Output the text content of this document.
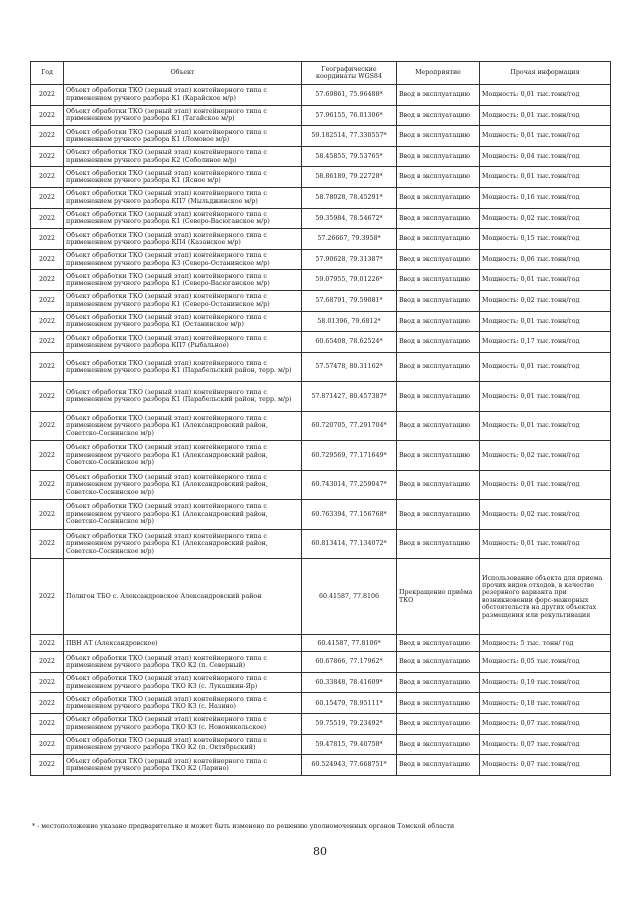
Год	Объект	Географические координаты WGS84	Мероприятие	Прочая информация
2022	Объект обработки ТКО (зерный этап) контейнерного типа с применением ручного разбора К1 (Карайское м/р)	57.69861, 75.96488*	Ввод в эксплуатацию	Мощность: 0,01 тыс.тонн/год
2022	Объект обработки ТКО (зерный этап) контейнерного типа с применением ручного разбора К1 (Тагайское м/р)	57.96155, 76.01306*	Ввод в эксплуатацию	Мощность: 0,01 тыс.тонн/год
2022	Объект обработки ТКО (зерный этап) контейнерного типа с применением ручного разбора К1 (Ломовое м/р)	59.182514, 77.330557*	Ввод в эксплуатацию	Мощность: 0,01 тыс.тонн/год
2022	Объект обработки ТКО (зерный этап) контейнерного типа с применением ручного разбора К2 (Соболиное м/р)	58.45855, 79.53765*	Ввод в эксплуатацию	Мощность: 0,04 тыс.тонн/год
2022	Объект обработки ТКО (зерный этап) контейнерного типа с применением ручного разбора К1 (Ясное м/р)	58.86189, 79.22728*	Ввод в эксплуатацию	Мощность: 0,01 тыс.тонн/год
2022	Объект обработки ТКО (зерный этап) контейнерного типа с применением ручного разбора КП7 (Мыльджинское м/р)	58.78028, 78.45291*	Ввод в эксплуатацию	Мощность: 0,16 тыс.тонн/год
2022	Объект обработки ТКО (зерный этап) контейнерного типа с применением ручного разбора К1 (Северо-Васюганское м/р)	59.35984, 78.54672*	Ввод в эксплуатацию	Мощность: 0,02 тыс.тонн/год
2022	Объект обработки ТКО (зерный этап) контейнерного типа с применением ручного разбора КП4 (Казанское м/р)	57.26667, 79.3958*	Ввод в эксплуатацию	Мощность: 0,15 тыс.тонн/год
2022	Объект обработки ТКО (зерный этап) контейнерного типа с применением ручного разбора К3 (Северо-Останинское м/р)	57.90628, 79.31387*	Ввод в эксплуатацию	Мощность: 0,06 тыс.тонн/год
2022	Объект обработки ТКО (зерный этап) контейнерного типа с применением ручного разбора К1 (Северо-Васюганское м/р)	59.07955, 79.01226*	Ввод в эксплуатацию	Мощность: 0,01 тыс.тонн/год
2022	Объект обработки ТКО (зерный этап) контейнерного типа с применением ручного разбора К1 (Северо-Останинское м/р)	57.68791, 79.59081*	Ввод в эксплуатацию	Мощность: 0,02 тыс.тонн/год
2022	Объект обработки ТКО (зерный этап) контейнерного типа с применением ручного разбора К1 (Останинское м/р)	58.01396, 79.6812*	Ввод в эксплуатацию	Мощность: 0,01 тыс.тонн/год
2022	Объект обработки ТКО (зерный этап) контейнерного типа с применением ручного разбора КП7 (Рыбальное)	60.65408, 78.62524*	Ввод в эксплуатацию	Мощность: 0,17 тыс.тонн/год
2022	Объект обработки ТКО (зерный этап) контейнерного типа с применением ручного разбора К1 (Парабельский район, терр. м/р)	57.57478, 80.31162*	Ввод в эксплуатацию	Мощность: 0,01 тыс.тонн/год
2022	Объект обработки ТКО (зерный этап) контейнерного типа с применением ручного разбора К1 (Парабельский район, терр. м/р)	57.871427, 80.457387*	Ввод в эксплуатацию	Мощность: 0,01 тыс.тонн/год
2022	Объект обработки ТКО (зерный этап) контейнерного типа с применением ручного разбора К1 (Александровский район, Советско-Соснинское м/р)	60.720705, 77.291704*	Ввод в эксплуатацию	Мощность: 0,01 тыс.тонн/год
2022	Объект обработки ТКО (зерный этап) контейнерного типа с применением ручного разбора К1 (Александровский район, Советско-Соснинское м/р)	60.729569, 77.171649*	Ввод в эксплуатацию	Мощность: 0,02 тыс.тонн/год
2022	Объект обработки ТКО (зерный этап) контейнерного типа с применением ручного разбора К1 (Александровский район, Советско-Соснинское м/р)	60.743014, 77.259047*	Ввод в эксплуатацию	Мощность: 0,01 тыс.тонн/год
2022	Объект обработки ТКО (зерный этап) контейнерного типа с применением ручного разбора К1 (Александровский район, Советско-Соснинское м/р)	60.763394, 77.156768*	Ввод в эксплуатацию	Мощность: 0,02 тыс.тонн/год
2022	Объект обработки ТКО (зерный этап) контейнерного типа с применением ручного разбора К1 (Александровский район, Советско-Соснинское м/р)	60.813414, 77.134072*	Ввод в эксплуатацию	Мощность: 0,01 тыс.тонн/год
2022	Полигон ТБО с. Александровское Александровский район	60.41587, 77.8106	Прекращение приёма ТКО	Использование объекта для приема прочих видов отходов, в качестве резервного варианта при возникновении форс-мажорных обстоятельств на других объектах размещения или рекультивация
2022	ПВН АТ (Александровское)	60.41587, 77.8106*	Ввод в эксплуатацию	Мощность: 5 тыс. тонн/ год
2022	Объект обработки ТКО (зерный этап) контейнерного типа с применением ручного разбора ТКО К2 (п. Северный)	60.67866, 77.17962*	Ввод в эксплуатацию	Мощность: 0,05 тыс.тонн/год
2022	Объект обработки ТКО (зерный этап) контейнерного типа с применением ручного разбора ТКО К3 (с. Лукашкин-Яр)	60.33848, 78.41609*	Ввод в эксплуатацию	Мощность: 0,19 тыс.тонн/год
2022	Объект обработки ТКО (зерный этап) контейнерного типа с применением ручного разбора ТКО К3 (с. Назино)	60.15479, 78.95111*	Ввод в эксплуатацию	Мощность: 0,18 тыс.тонн/год
2022	Объект обработки ТКО (зерный этап) контейнерного типа с применением ручного разбора ТКО К3 (с. Новоникольское)	59.75519, 79.23492*	Ввод в эксплуатацию	Мощность: 0,07 тыс.тонн/год
2022	Объект обработки ТКО (зерный этап) контейнерного типа с применением ручного разбора ТКО К2 (п. Октябрьский)	59.47815, 79.40758*	Ввод в эксплуатацию	Мощность: 0,07 тыс.тонн/год
2022	Объект обработки ТКО (зерный этап) контейнерного типа с применением ручного разбора ТКО К2 (Ларино)	60.524943, 77.668751*	Ввод в эксплуатацию	Мощность: 0,07 тыс.тонн/год
* - местоположение указано предварительно и может быть изменено по решению уполномоченных органов Томской области
80
